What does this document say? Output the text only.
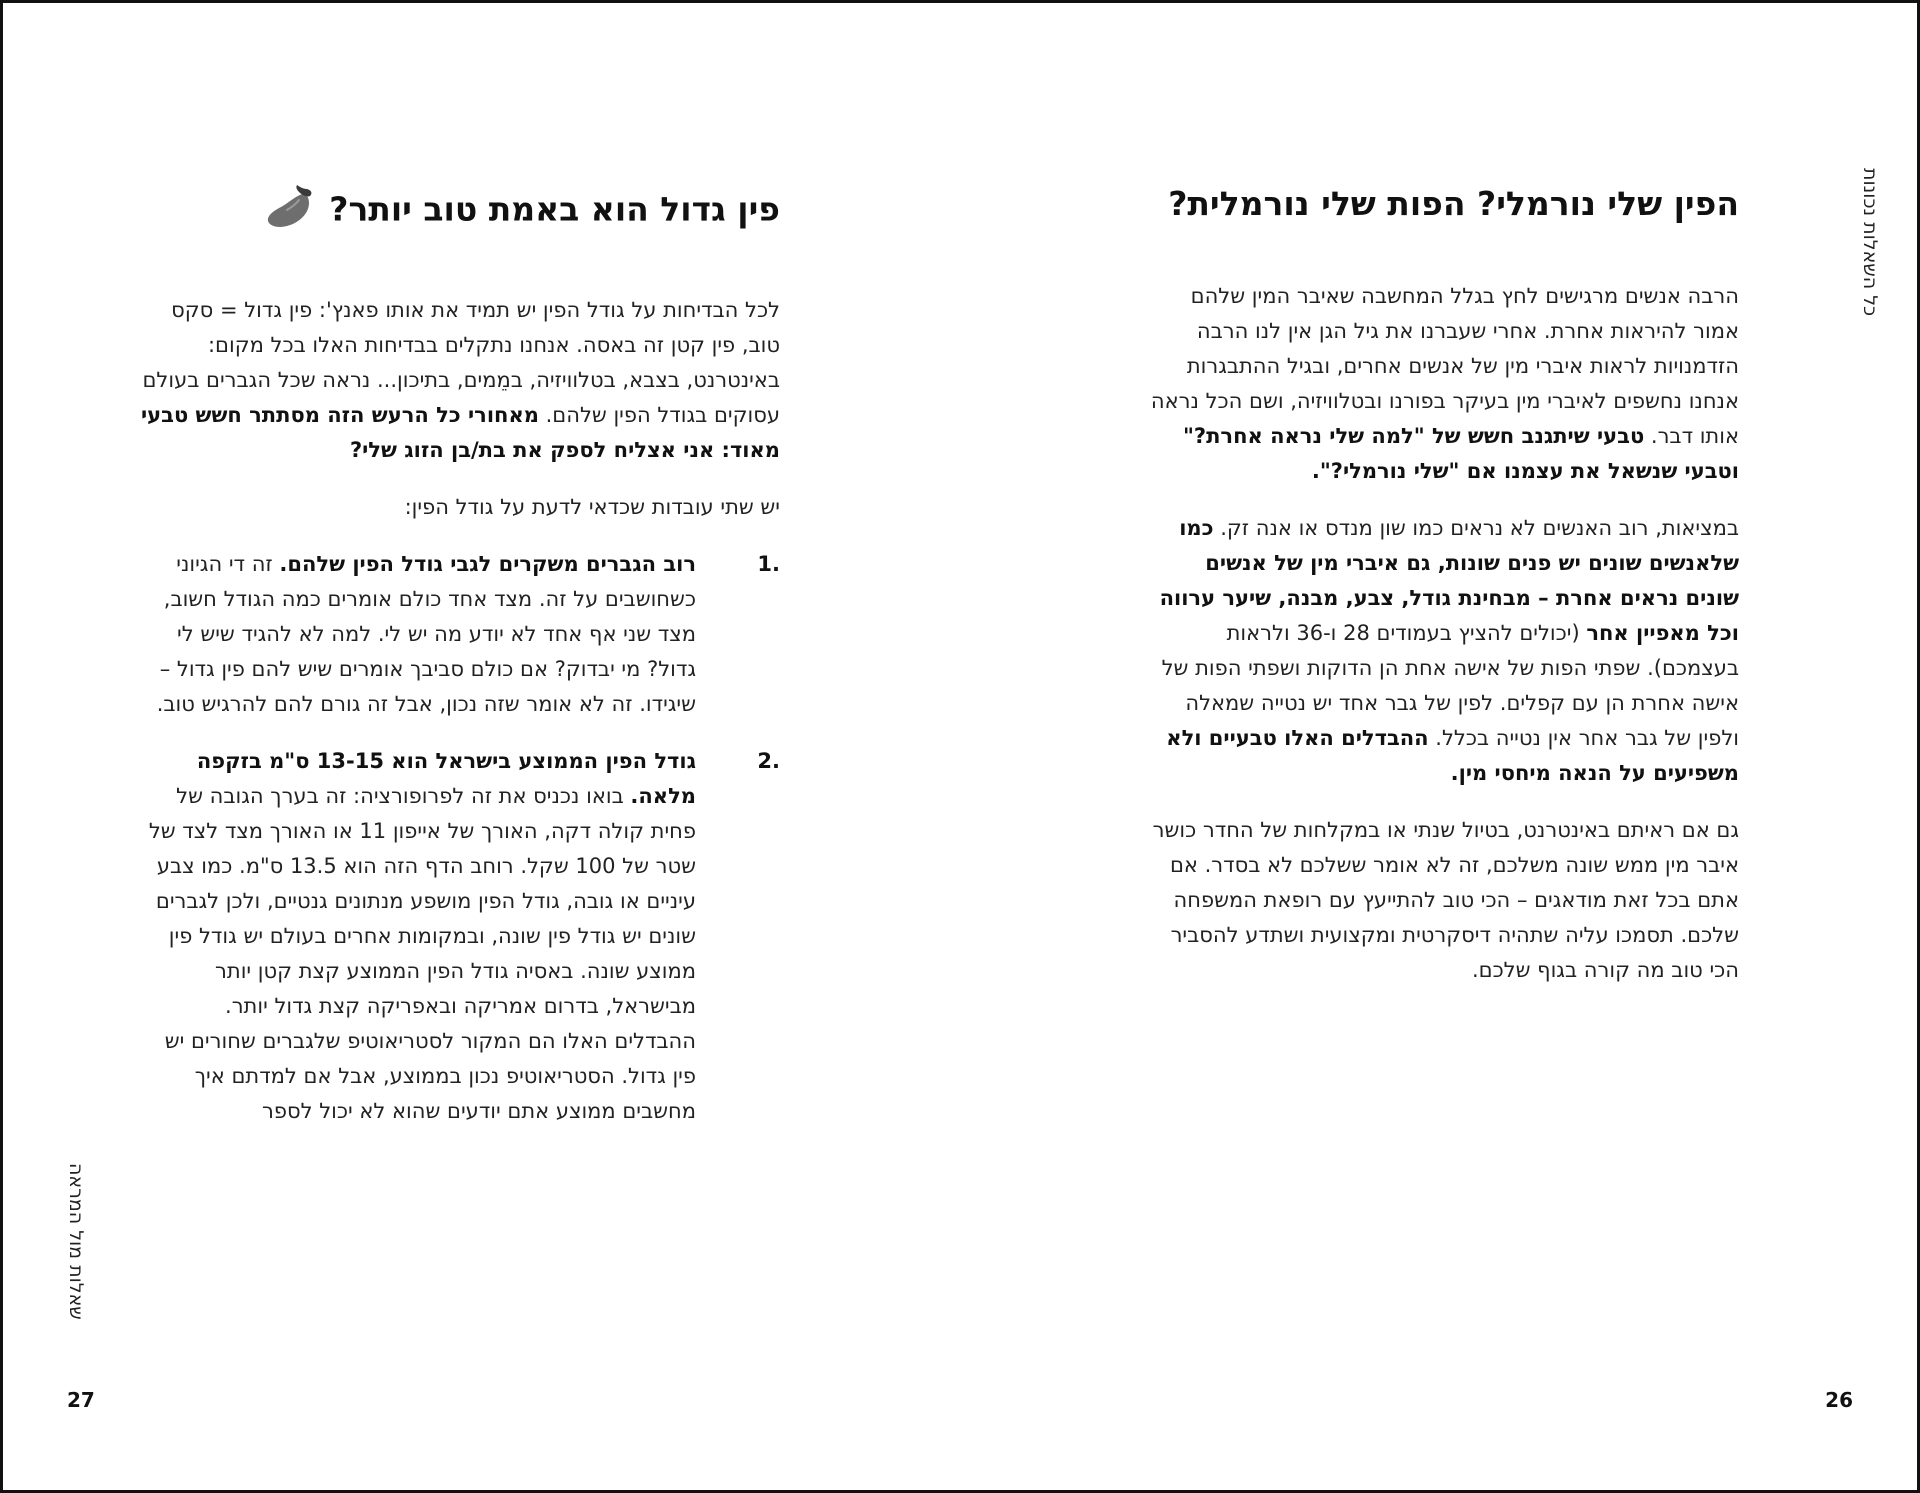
כל השאלות נכונות
שאלות מול המראה
26
27
הפין שלי נורמלי? הפות שלי נורמלית?

הרבה אנשים מרגישים לחץ בגלל המחשבה שאיבר המין שלהם אמור להיראות אחרת. אחרי שעברנו את גיל הגן אין לנו הרבה הזדמנויות לראות איברי מין של אנשים אחרים, ובגיל ההתבגרות אנחנו נחשפים לאיברי מין בעיקר בפורנו ובטלוויזיה, ושם הכל נראה אותו דבר. טבעי שיתגנב חשש של "למה שלי נראה אחרת?" וטבעי שנשאל את עצמנו אם "שלי נורמלי?".

במציאות, רוב האנשים לא נראים כמו שון מנדס או אנה זק. כמו שלאנשים שונים יש פנים שונות, גם איברי מין של אנשים שונים נראים אחרת – מבחינת גודל, צבע, מבנה, שיער ערווה וכל מאפיין אחר (יכולים להציץ בעמודים 28 ו-36 ולראות בעצמכם). שפתי הפות של אישה אחת הן הדוקות ושפתי הפות של אישה אחרת הן עם קפלים. לפין של גבר אחד יש נטייה שמאלה ולפין של גבר אחר אין נטייה בכלל. ההבדלים האלו טבעיים ולא משפיעים על הנאה מיחסי מין.

גם אם ראיתם באינטרנט, בטיול שנתי או במקלחות של החדר כושר איבר מין ממש שונה משלכם, זה לא אומר ששלכם לא בסדר. אם אתם בכל זאת מודאגים – הכי טוב להתייעץ עם רופאת המשפחה שלכם. תסמכו עליה שתהיה דיסקרטית ומקצועית ושתדע להסביר הכי טוב מה קורה בגוף שלכם.

פין גדול הוא באמת טוב יותר?

לכל הבדיחות על גודל הפין יש תמיד את אותו פאנץ': פין גדול = סקס טוב, פין קטן זה באסה. אנחנו נתקלים בבדיחות האלו בכל מקום: באינטרנט, בצבא, בטלוויזיה, במֵמים, בתיכון... נראה שכל הגברים בעולם עסוקים בגודל הפין שלהם. מאחורי כל הרעש הזה מסתתר חשש טבעי מאוד: אני אצליח לספק את בת/בן הזוג שלי?

יש שתי עובדות שכדאי לדעת על גודל הפין:

1.

רוב הגברים משקרים לגבי גודל הפין שלהם. זה די הגיוני כשחושבים על זה. מצד אחד כולם אומרים כמה הגודל חשוב, מצד שני אף אחד לא יודע מה יש לי. למה לא להגיד שיש לי גדול? מי יבדוק? אם כולם סביבך אומרים שיש להם פין גדול – שיגידו. זה לא אומר שזה נכון, אבל זה גורם להם להרגיש טוב.

2.

גודל הפין הממוצע בישראל הוא 13-15 ס"מ בזקפה מלאה. בואו נכניס את זה לפרופורציה: זה בערך הגובה של פחית קולה דקה, האורך של אייפון 11 או האורך מצד לצד של שטר של 100 שקל. רוחב הדף הזה הוא 13.5 ס"מ. כמו צבע עיניים או גובה, גודל הפין מושפע מנתונים גנטיים, ולכן לגברים שונים יש גודל פין שונה, ובמקומות אחרים בעולם יש גודל פין ממוצע שונה. באסיה גודל הפין הממוצע קצת קטן יותר מבישראל, בדרום אמריקה ובאפריקה קצת גדול יותר. ההבדלים האלו הם המקור לסטריאוטיפ שלגברים שחורים יש פין גדול. הסטריאוטיפ נכון בממוצע, אבל אם למדתם איך מחשבים ממוצע אתם יודעים שהוא לא יכול לספר
